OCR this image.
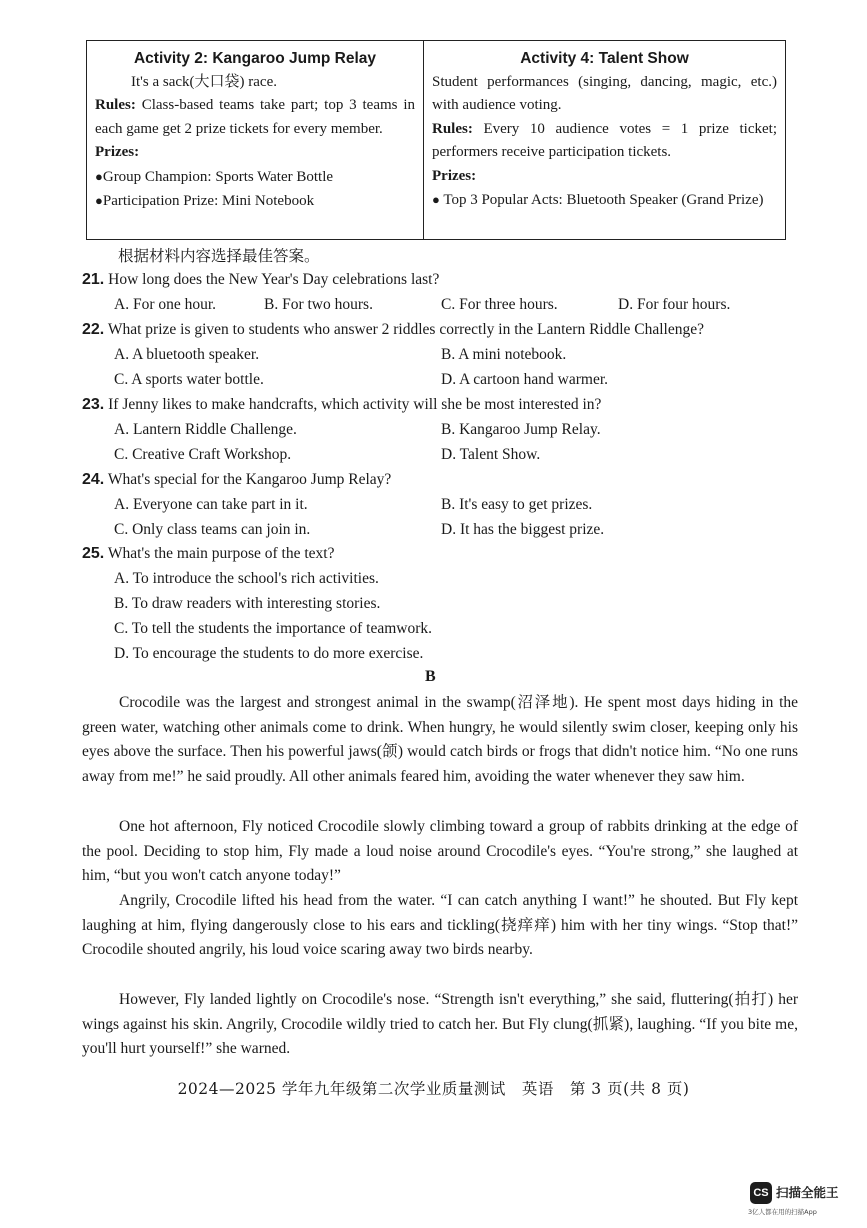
Activity 2: Kangaroo Jump Relay
It's a sack(大口袋) race.
Rules: Class-based teams take part; top 3 teams in each game get 2 prize tickets for every member.
Prizes:
●Group Champion: Sports Water Bottle
●Participation Prize: Mini Notebook
Activity 4: Talent Show
Student performances (singing, dancing, magic, etc.) with audience voting.
Rules: Every 10 audience votes = 1 prize ticket; performers receive participation tickets.
Prizes:
● Top 3 Popular Acts: Bluetooth Speaker (Grand Prize)
根据材料内容选择最佳答案。
21. How long does the New Year's Day celebrations last?
A. For one hour.	B. For two hours.	C. For three hours.	D. For four hours.
22. What prize is given to students who answer 2 riddles correctly in the Lantern Riddle Challenge?
A. A bluetooth speaker.	B. A mini notebook.
C. A sports water bottle.	D. A cartoon hand warmer.
23. If Jenny likes to make handcrafts, which activity will she be most interested in?
A. Lantern Riddle Challenge.	B. Kangaroo Jump Relay.
C. Creative Craft Workshop.	D. Talent Show.
24. What's special for the Kangaroo Jump Relay?
A. Everyone can take part in it.	B. It's easy to get prizes.
C. Only class teams can join in.	D. It has the biggest prize.
25. What's the main purpose of the text?
A. To introduce the school's rich activities.
B. To draw readers with interesting stories.
C. To tell the students the importance of teamwork.
D. To encourage the students to do more exercise.
B
Crocodile was the largest and strongest animal in the swamp(沼泽地). He spent most days hiding in the green water, watching other animals come to drink. When hungry, he would silently swim closer, keeping only his eyes above the surface. Then his powerful jaws(颌) would catch birds or frogs that didn't notice him. “No one runs away from me!” he said proudly. All other animals feared him, avoiding the water whenever they saw him.
One hot afternoon, Fly noticed Crocodile slowly climbing toward a group of rabbits drinking at the edge of the pool. Deciding to stop him, Fly made a loud noise around Crocodile's eyes. “You're strong,” she laughed at him, “but you won't catch anyone today!”
Angrily, Crocodile lifted his head from the water. “I can catch anything I want!” he shouted. But Fly kept laughing at him, flying dangerously close to his ears and tickling(挠痒痒) him with her tiny wings. “Stop that!” Crocodile shouted angrily, his loud voice scaring away two birds nearby.
However, Fly landed lightly on Crocodile's nose. “Strength isn't everything,” she said, fluttering(拍打) her wings against his skin. Angrily, Crocodile wildly tried to catch her. But Fly clung(抓紧), laughing. “If you bite me, you'll hurt yourself!” she warned.
2024—2025 学年九年级第二次学业质量测试　英语　第 3 页(共 8 页)
CS 扫描全能王
3亿人都在用的扫描App
